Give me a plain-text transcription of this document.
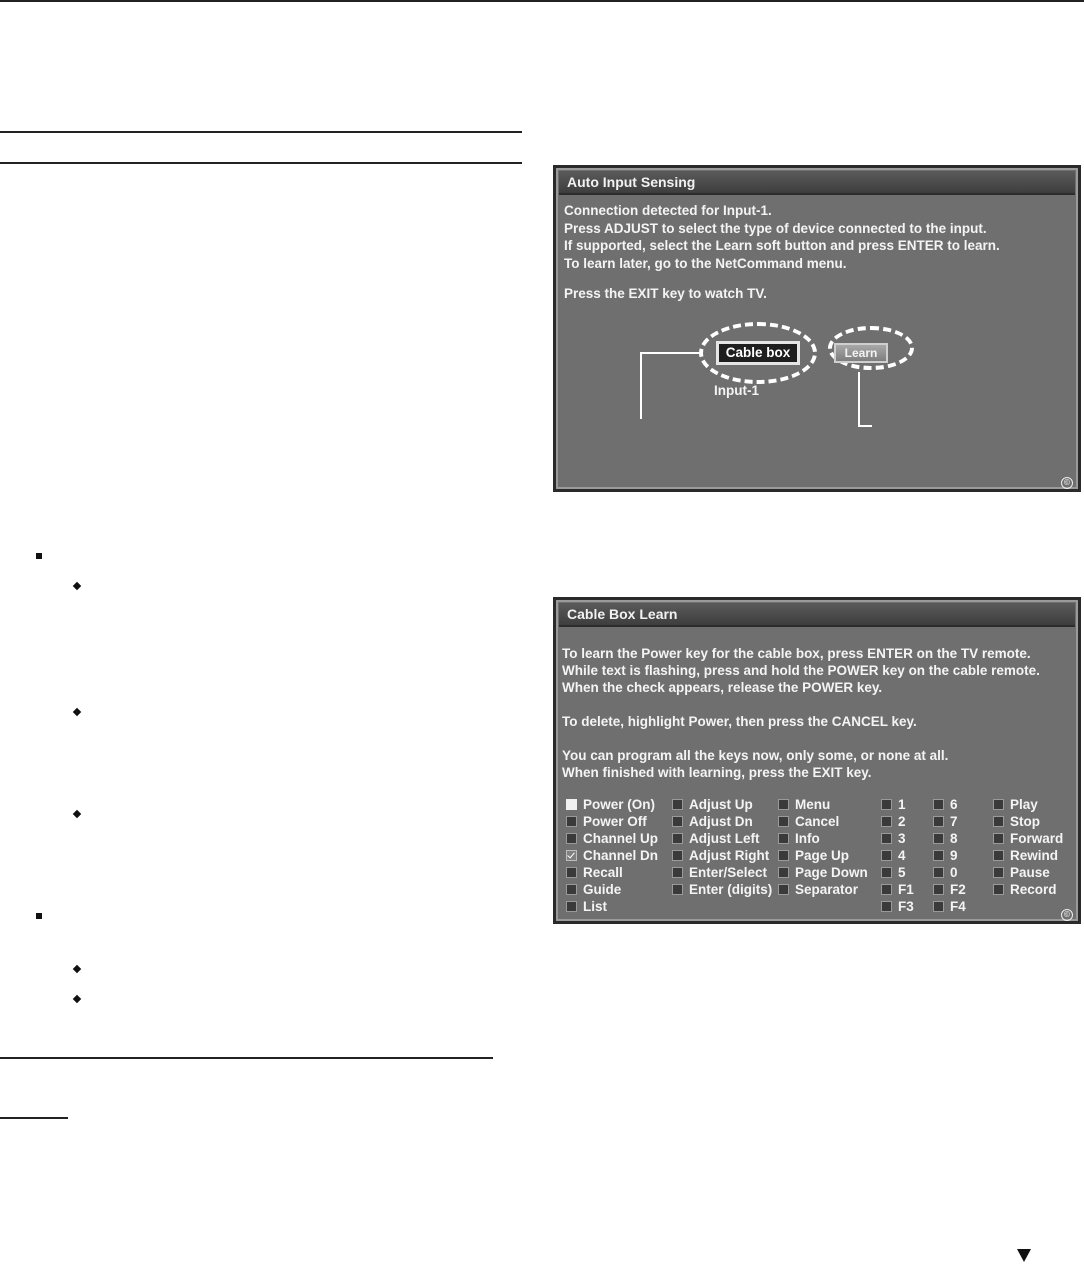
Auto Input Sensing
Connection detected for Input-1.
Press ADJUST to select the type of device connected to the input.
If supported, select the Learn soft button and press ENTER to learn.
To learn later, go to the NetCommand menu.
Press the EXIT key to watch TV.
©
Cable box	Learn
Input-1
Cable Box Learn
To learn the Power key for the cable box, press ENTER on the TV remote.
While text is flashing, press and hold the POWER key on the cable remote.
When the check appears, release the POWER key.
To delete, highlight Power, then press the CANCEL key.
You can program all the keys now, only some, or none at all.
When finished with learning, press the EXIT key.
©
Power (On)
Power Off
Channel Up
Channel Dn
Recall
Guide
List
Adjust Up
Adjust Dn
Adjust Left
Adjust Right
Enter/Select
Enter (digits)
Menu
Cancel
Info
Page Up
Page Down
Separator
1
2
3
4
5
F1
F3
6
7
8
9
0
F2
F4
Play
Stop
Forward
Rewind
Pause
Record
